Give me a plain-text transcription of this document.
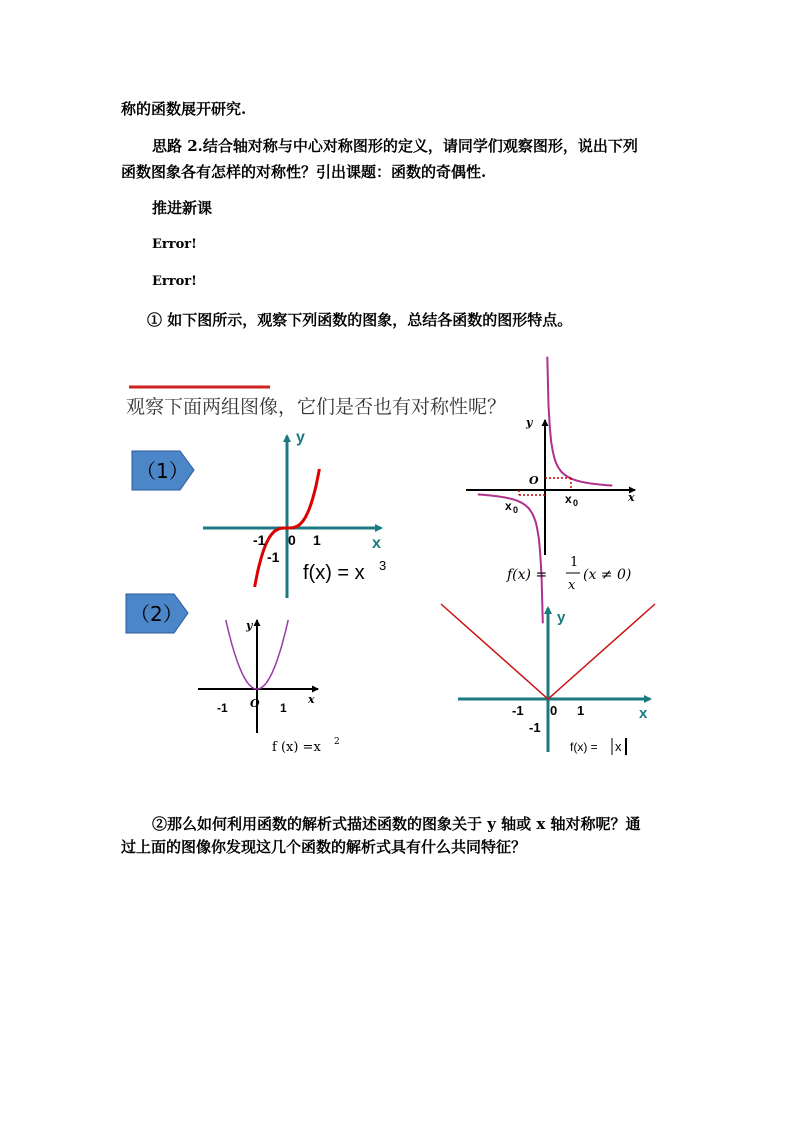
称的函数展开研究.

思路 2.结合轴对称与中心对称图形的定义，请同学们观察图形，说出下列

函数图象各有怎样的对称性？引出课题：函数的奇偶性.

推进新课

Error!

Error!

① 如下图所示，观察下列函数的图象，总结各函数的图形特点。

②那么如何利用函数的解析式描述函数的图象关于 y 轴或 x 轴对称呢？通

过上面的图像你发现这几个函数的解析式具有什么共同特征？

观察下面两组图像，它们是否也有对称性呢？
（1）
（2）
y
x
-1 0 1
-1
f(x) = x 3
y
x
O
x 0
x 0
f(x) =
1
x
(x ≠ 0)
y
x
O
-1	1
f (x) =x 2
y
x
-1 0 1
-1
f(x) = x
